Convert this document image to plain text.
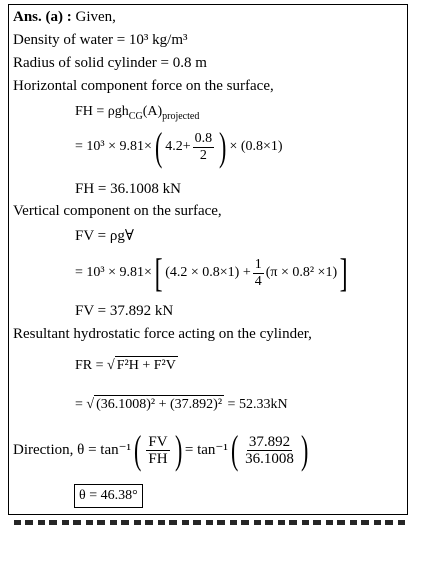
Ans. (a) : Given,
Density of water = 10³ kg/m³
Radius of solid cylinder = 0.8 m
Horizontal component force on the surface,
FH = $\rho gh_{CG}(A)_{projected}$
= 10³ × 9.81× ( $4.2+ \frac{0.8}{2}$ ) × (0.8×1)
FH = 36.1008 kN
Vertical component on the surface,
FV = ρg∀
= 10³ × 9.81× [ $(4.2 \times 0.8\times 1) + \frac{1}{4} (\pi \times 0.8^2 \times 1)$ ]
FV = 37.892 kN
Resultant hydrostatic force acting on the cylinder,
FR = √ F²H + F²V
= √ (36.1008)² + (37.892)² = 52.33kN
Direction,
θ = tan⁻¹ ( $\frac{FV}{FH}$ ) = tan⁻¹ ( $\frac{37.892}{36.1008}$ )
θ = 46.38°
